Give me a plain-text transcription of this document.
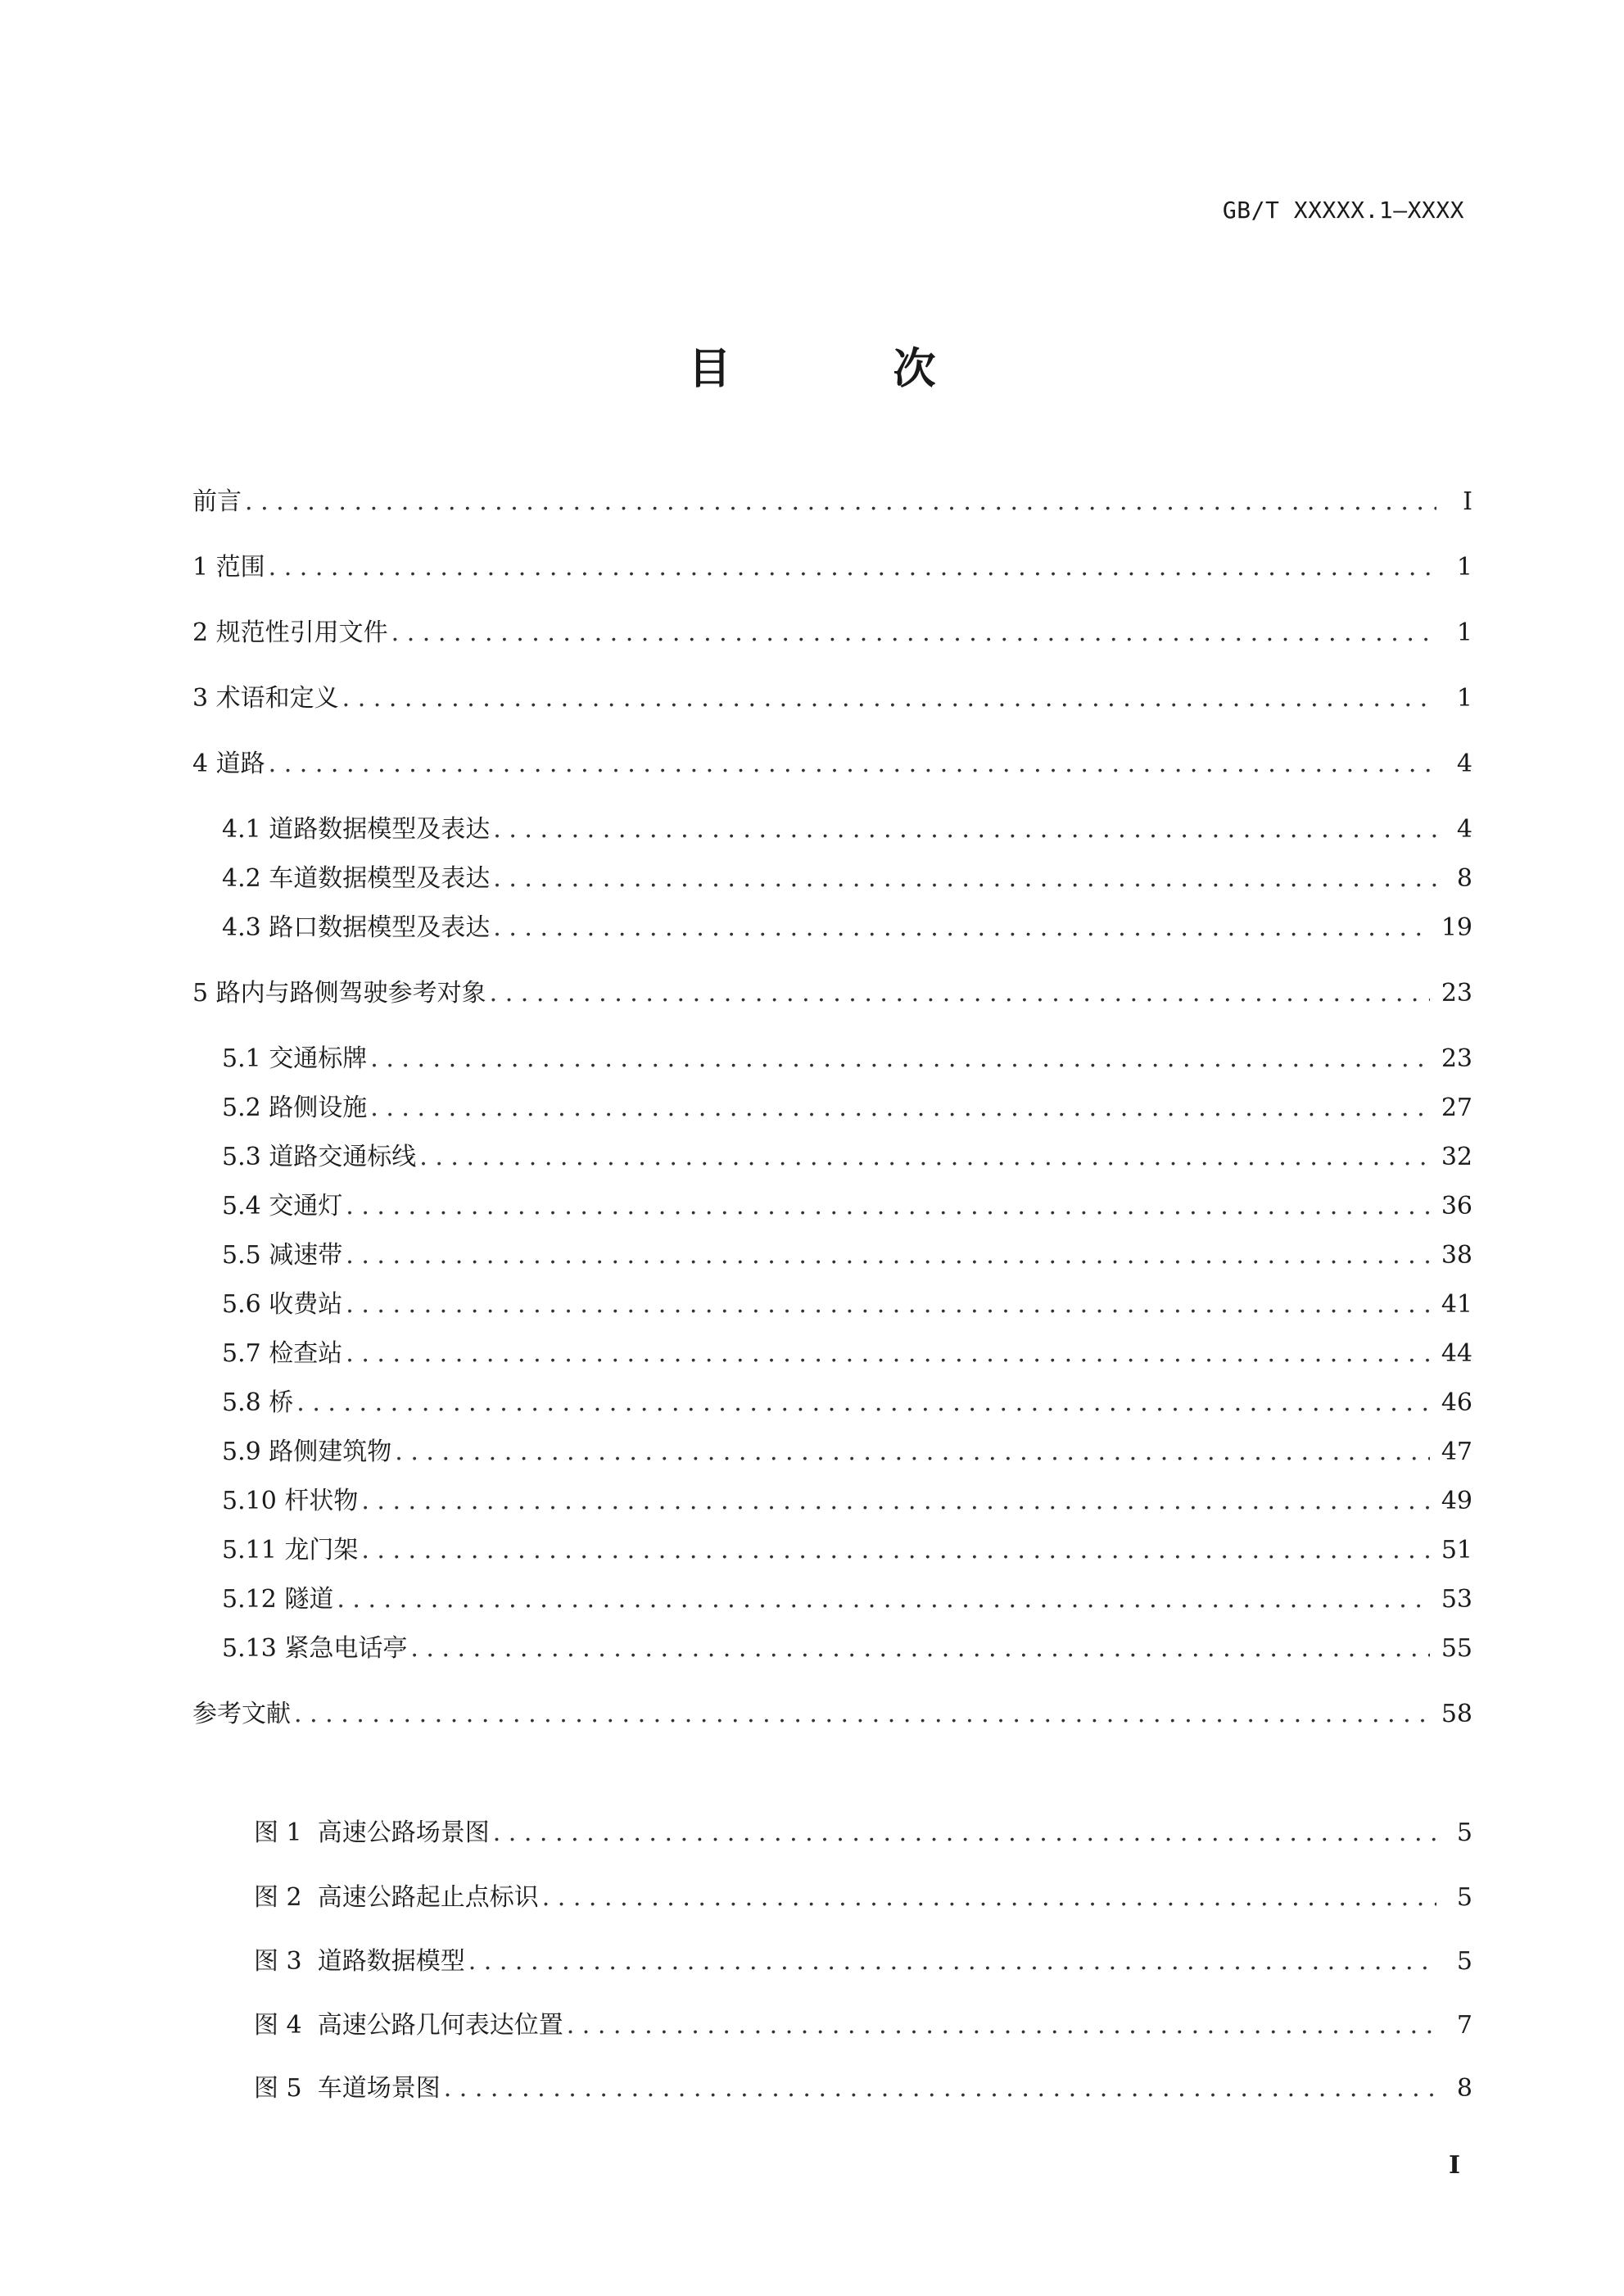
GB/T XXXXX.1—XXXX
目 次
前言 . . .	I
1 范围 . . .	1
2 规范性引用文件 . . .	1
3 术语和定义 . . .	1
4 道路 . . .	4
4.1 道路数据模型及表达 . . .	4
4.2 车道数据模型及表达 . . .	8
4.3 路口数据模型及表达 . . .	19
5 路内与路侧驾驶参考对象 . . .	23
5.1 交通标牌 . . .	23
5.2 路侧设施 . . .	27
5.3 道路交通标线 . . .	32
5.4 交通灯 . . .	36
5.5 减速带 . . .	38
5.6 收费站 . . .	41
5.7 检查站 . . .	44
5.8 桥 . . .	46
5.9 路侧建筑物 . . .	47
5.10 杆状物 . . .	49
5.11 龙门架 . . .	51
5.12 隧道 . . .	53
5.13 紧急电话亭 . . .	55
参考文献 . . .	58
图 1  高速公路场景图 . . .	5
图 2  高速公路起止点标识 . . .	5
图 3  道路数据模型 . . .	5
图 4  高速公路几何表达位置 . . .	7
图 5  车道场景图 . . .	8
I
